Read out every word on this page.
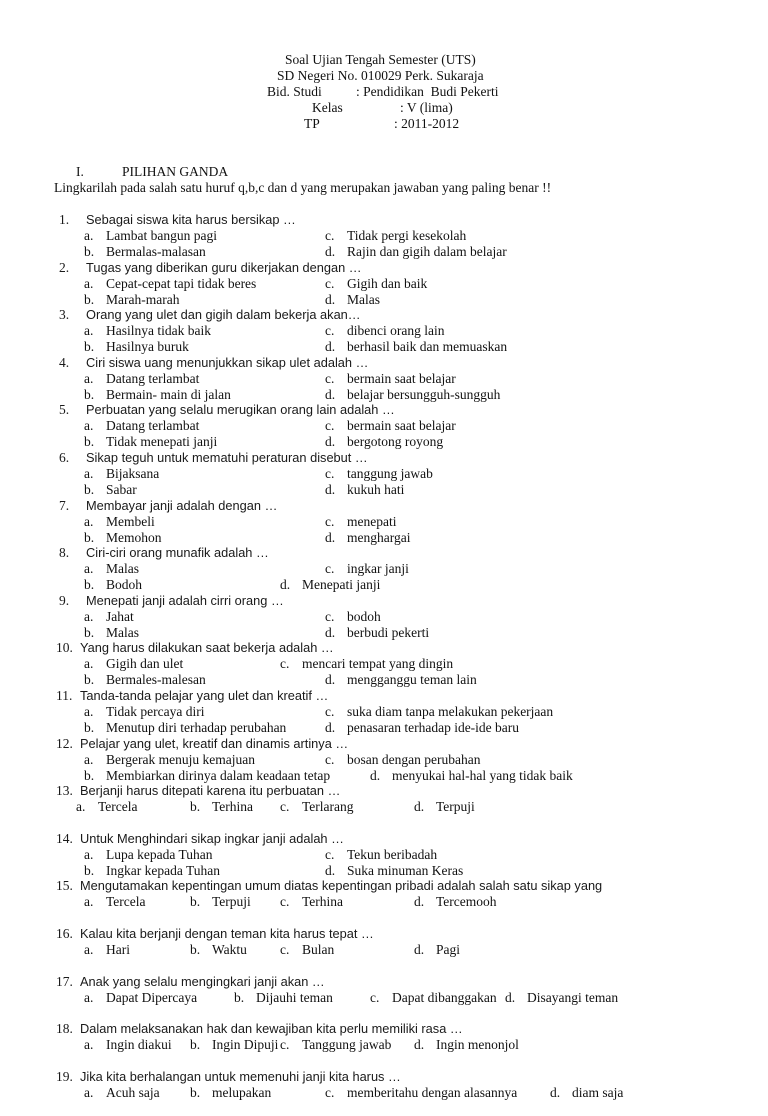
Soal Ujian Tengah Semester (UTS)
SD Negeri No. 010029 Perk. Sukaraja
Bid. Studi	: Pendidikan  Budi Pekerti
Kelas	: V (lima)
TP	: 2011-2012
I.	PILIHAN GANDA
Lingkarilah pada salah satu huruf q,b,c dan d yang merupakan jawaban yang paling benar !!
1. Sebagai siswa kita harus bersikap …
a. Lambat bangun pagi	c. Tidak pergi kesekolah
b. Bermalas-malasan	d. Rajin dan gigih dalam belajar
2. Tugas yang diberikan guru dikerjakan dengan …
a. Cepat-cepat tapi tidak beres	c. Gigih dan baik
b. Marah-marah	d. Malas
3. Orang yang ulet dan gigih dalam bekerja akan…
a. Hasilnya tidak baik	c. dibenci orang lain
b. Hasilnya buruk	d. berhasil baik dan memuaskan
4. Ciri siswa uang menunjukkan sikap ulet adalah …
a. Datang terlambat	c. bermain saat belajar
b. Bermain- main di jalan	d. belajar bersungguh-sungguh
5. Perbuatan yang selalu merugikan orang lain adalah …
a. Datang terlambat	c. bermain saat belajar
b. Tidak menepati janji	d. bergotong royong
6. Sikap teguh untuk mematuhi peraturan disebut …
a. Bijaksana	c. tanggung jawab
b. Sabar	d. kukuh hati
7. Membayar janji adalah dengan …
a. Membeli	c. menepati
b. Memohon	d. menghargai
8. Ciri-ciri orang munafik adalah …
a. Malas	c. ingkar janji
b. Bodoh	d. Menepati janji
9. Menepati janji adalah cirri orang …
a. Jahat	c. bodoh
b. Malas	d. berbudi pekerti
10. Yang harus dilakukan saat bekerja adalah …
a. Gigih dan ulet	c. mencari tempat yang dingin
b. Bermales-malesan	d. mengganggu teman lain
11. Tanda-tanda pelajar yang ulet dan kreatif …
a. Tidak percaya diri	c. suka diam tanpa melakukan pekerjaan
b. Menutup diri terhadap perubahan	d. penasaran terhadap ide-ide baru
12. Pelajar yang ulet, kreatif dan dinamis artinya …
a. Bergerak menuju kemajuan	c. bosan dengan perubahan
b. Membiarkan dirinya dalam keadaan tetap	d. menyukai hal-hal yang tidak baik
13. Berjanji harus ditepati karena itu perbuatan …
a. Tercela	b. Terhina c. Terlarang	d. Terpuji
14. Untuk Menghindari sikap ingkar janji adalah …
a. Lupa kepada Tuhan	c. Tekun beribadah
b. Ingkar kepada Tuhan	d. Suka minuman Keras
15. Mengutamakan kepentingan umum diatas kepentingan pribadi adalah salah satu sikap yang
a. Tercela	b. Terpuji c. Terhina	d. Tercemooh
16. Kalau kita berjanji dengan teman kita harus tepat …
a. Hari	b. Waktu c. Bulan	d. Pagi
17. Anak yang selalu mengingkari janji akan …
a. Dapat Dipercaya	b. Dijauhi teman	c. Dapat dibanggakan d. Disayangi teman
18. Dalam melaksanakan hak dan kewajiban kita perlu memiliki rasa …
a. Ingin diakui b. Ingin Dipuji c. Tanggung jawab d. Ingin menonjol
19. Jika kita berhalangan untuk memenuhi janji kita harus …
a. Acuh saja b. melupakan	c. memberitahu dengan alasannya d. diam saja
